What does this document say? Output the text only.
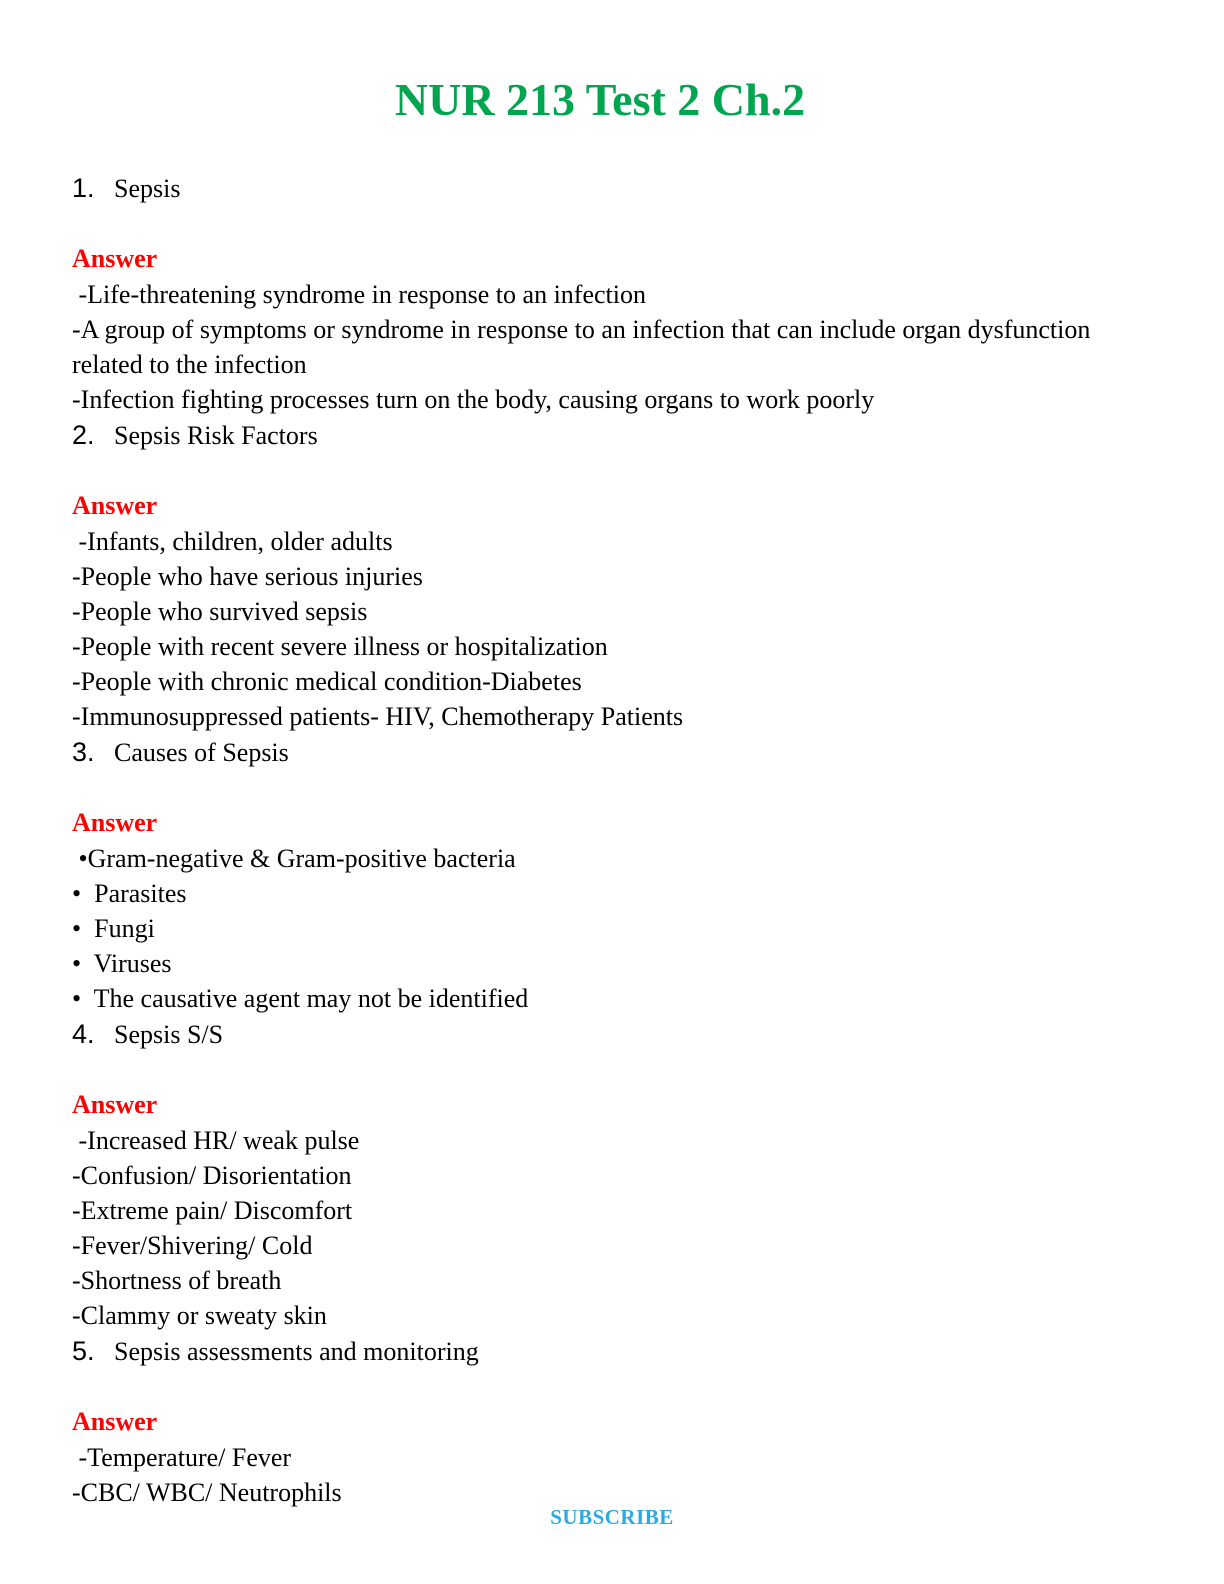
NUR 213 Test 2 Ch.2
1. Sepsis
Answer
-Life-threatening syndrome in response to an infection
-A group of symptoms or syndrome in response to an infection that can include organ dysfunction related to the infection
-Infection fighting processes turn on the body, causing organs to work poorly
2. Sepsis Risk Factors
Answer
-Infants, children, older adults
-People who have serious injuries
-People who survived sepsis
-People with recent severe illness or hospitalization
-People with chronic medical condition-Diabetes
-Immunosuppressed patients- HIV, Chemotherapy Patients
3. Causes of Sepsis
Answer
•Gram-negative & Gram-positive bacteria
•  Parasites
•  Fungi
•  Viruses
•  The causative agent may not be identified
4. Sepsis S/S
Answer
-Increased HR/ weak pulse
-Confusion/ Disorientation
-Extreme pain/ Discomfort
-Fever/Shivering/ Cold
-Shortness of breath
-Clammy or sweaty skin
5. Sepsis assessments and monitoring
Answer
-Temperature/ Fever
-CBC/ WBC/ Neutrophils
SUBSCRIBE
